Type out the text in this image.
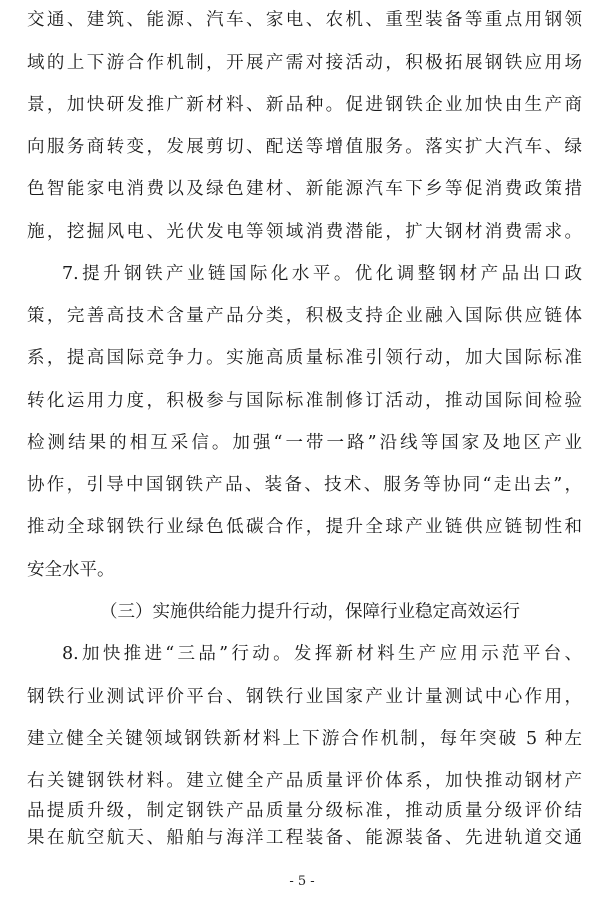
交通、建筑、能源、汽车、家电、农机、重型装备等重点用钢领
域的上下游合作机制，开展产需对接活动，积极拓展钢铁应用场
景，加快研发推广新材料、新品种。促进钢铁企业加快由生产商
向服务商转变，发展剪切、配送等增值服务。落实扩大汽车、绿
色智能家电消费以及绿色建材、新能源汽车下乡等促消费政策措
施，挖掘风电、光伏发电等领域消费潜能，扩大钢材消费需求。
7.提升钢铁产业链国际化水平。优化调整钢材产品出口政
策，完善高技术含量产品分类，积极支持企业融入国际供应链体
系，提高国际竞争力。实施高质量标准引领行动，加大国际标准
转化运用力度，积极参与国际标准制修订活动，推动国际间检验
检测结果的相互采信。加强“一带一路”沿线等国家及地区产业
协作，引导中国钢铁产品、装备、技术、服务等协同“走出去”，
推动全球钢铁行业绿色低碳合作，提升全球产业链供应链韧性和
安全水平。
（三）实施供给能力提升行动，保障行业稳定高效运行
8.加快推进“三品”行动。发挥新材料生产应用示范平台、
钢铁行业测试评价平台、钢铁行业国家产业计量测试中心作用，
建立健全关键领域钢铁新材料上下游合作机制，每年突破 5 种左
右关键钢铁材料。建立健全产品质量评价体系，加快推动钢材产
品提质升级，制定钢铁产品质量分级标准，推动质量分级评价结
- 5 -
果在航空航天、船舶与海洋工程装备、能源装备、先进轨道交通
